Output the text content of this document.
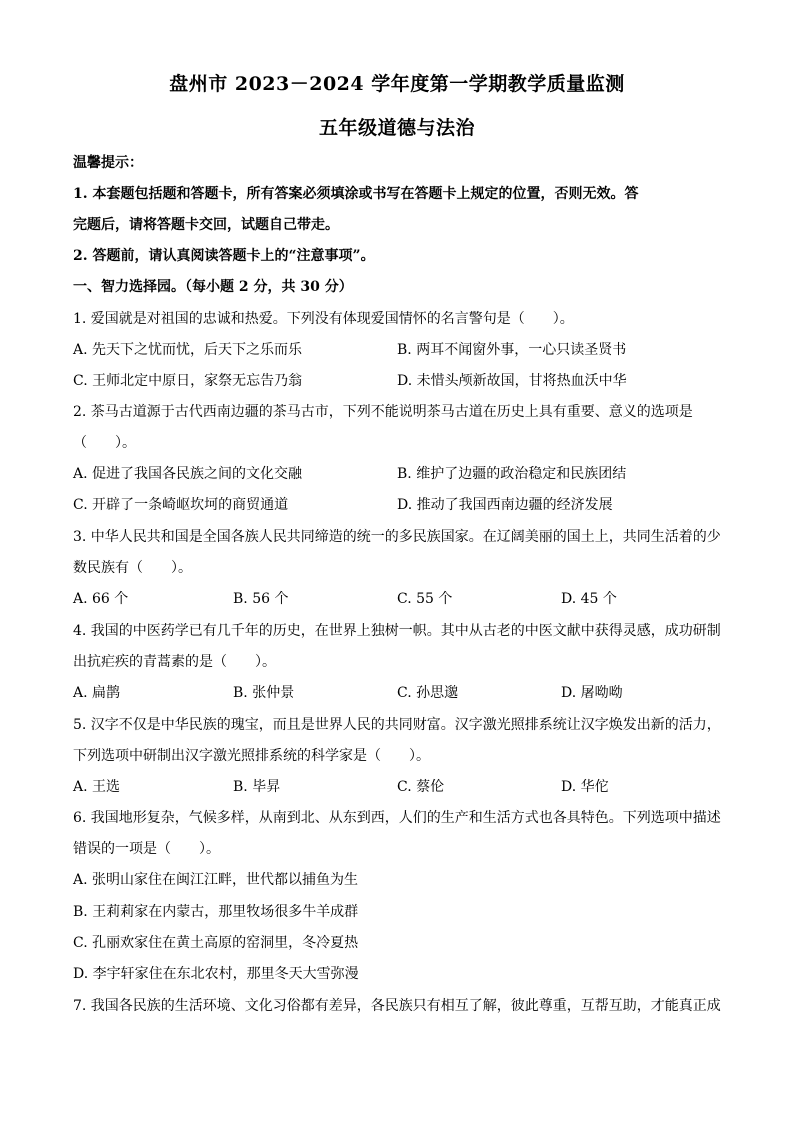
盘州市 2023－2024 学年度第一学期教学质量监测
五年级道德与法治
温馨提示：
1. 本套题包括题和答题卡，所有答案必须填涂或书写在答题卡上规定的位置，否则无效。答
完题后，请将答题卡交回，试题自己带走。
2. 答题前，请认真阅读答题卡上的“注意事项”。
一、智力选择园。（每小题 2 分，共 30 分）
1. 爱国就是对祖国的忠诚和热爱。下列没有体现爱国情怀的名言警句是（　　）。
A. 先天下之忧而忧，后天下之乐而乐	B. 两耳不闻窗外事，一心只读圣贤书
C. 王师北定中原日，家祭无忘告乃翁	D. 未惜头颅新故国，甘将热血沃中华
2. 茶马古道源于古代西南边疆的茶马古市，下列不能说明茶马古道在历史上具有重要、意义的选项是
（　　）。
A. 促进了我国各民族之间的文化交融	B. 维护了边疆的政治稳定和民族团结
C. 开辟了一条崎岖坎坷的商贸通道	D. 推动了我国西南边疆的经济发展
3. 中华人民共和国是全国各族人民共同缔造的统一的多民族国家。在辽阔美丽的国土上，共同生活着的少
数民族有（　　）。
A. 66 个	B. 56 个	C. 55 个	D. 45 个
4. 我国的中医药学已有几千年的历史，在世界上独树一帜。其中从古老的中医文献中获得灵感，成功研制
出抗疟疾的青蒿素的是（　　）。
A. 扁鹊	B. 张仲景	C. 孙思邈	D. 屠呦呦
5. 汉字不仅是中华民族的瑰宝，而且是世界人民的共同财富。汉字激光照排系统让汉字焕发出新的活力，
下列选项中研制出汉字激光照排系统的科学家是（　　）。
A. 王选	B. 毕昇	C. 蔡伦	D. 华佗
6. 我国地形复杂，气候多样，从南到北、从东到西，人们的生产和生活方式也各具特色。下列选项中描述
错误的一项是（　　）。
A. 张明山家住在闽江江畔，世代都以捕鱼为生
B. 王莉莉家在内蒙古，那里牧场很多牛羊成群
C. 孔丽欢家住在黄土高原的窑洞里，冬冷夏热
D. 李宇轩家住在东北农村，那里冬天大雪弥漫
7. 我国各民族的生活环境、文化习俗都有差异，各民族只有相互了解，彼此尊重，互帮互助，才能真正成
